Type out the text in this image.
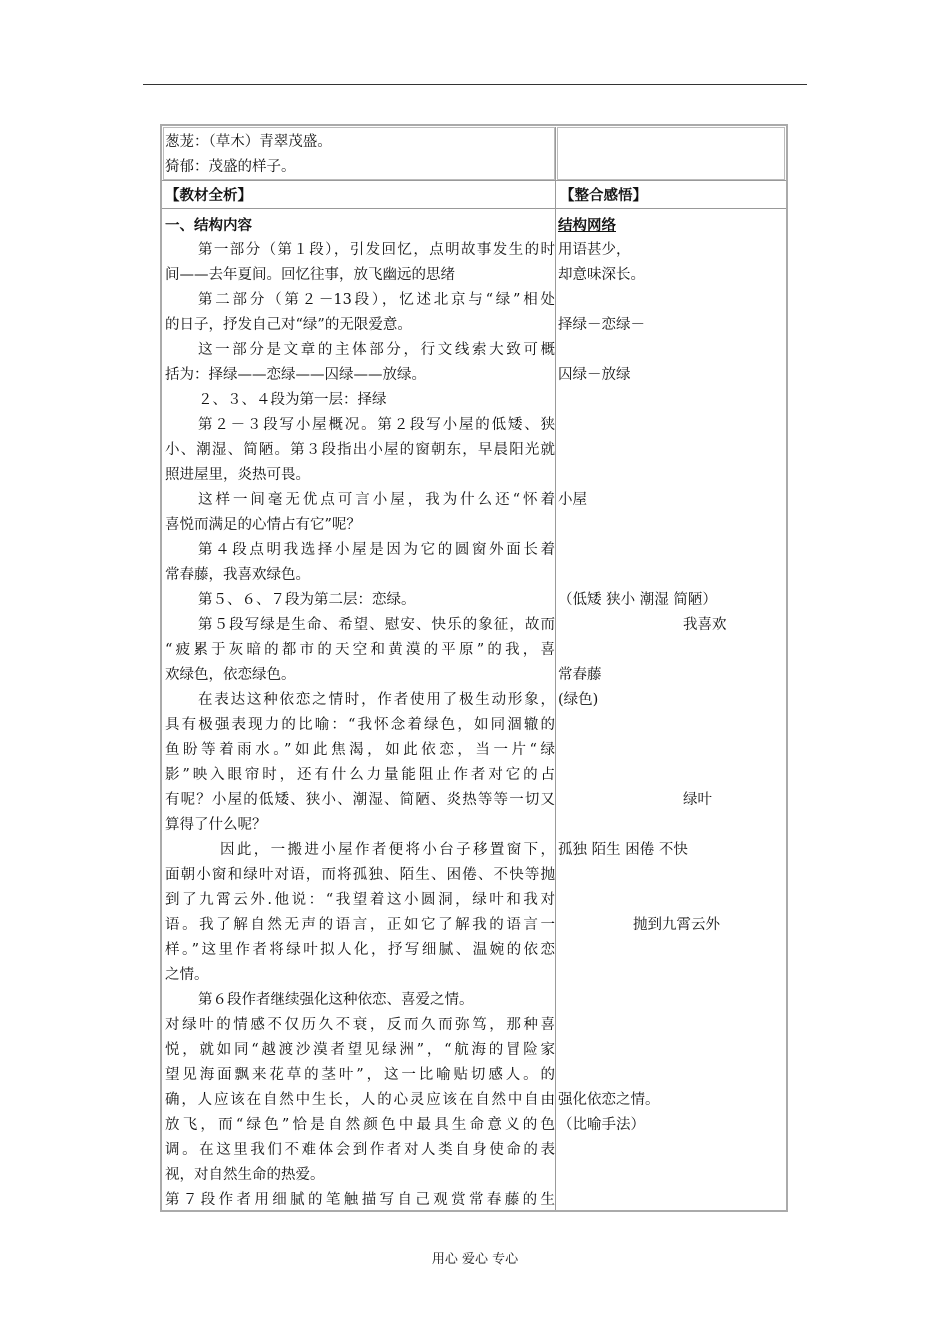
葱茏：（草木）青翠茂盛。
猗郁：茂盛的样子。
【教材全析】	【整合感悟】
一、结构内容
第一部分（第１段），引发回忆，点明故事发生的时
间——去年夏间。回忆往事，放飞幽远的思绪
第二部分（第２－13段），忆述北京与“绿”相处
的日子，抒发自己对“绿”的无限爱意。
这一部分是文章的主体部分，行文线索大致可概
括为：择绿——恋绿——囚绿——放绿。
２、３、４段为第一层：择绿
第２－３段写小屋概况。第２段写小屋的低矮、狭
小、潮湿、简陋。第３段指出小屋的窗朝东，早晨阳光就
照进屋里，炎热可畏。
这样一间毫无优点可言小屋，我为什么还“怀着
喜悦而满足的心情占有它”呢？
第４段点明我选择小屋是因为它的圆窗外面长着
常春藤，我喜欢绿色。
第５、６、７段为第二层：恋绿。
第５段写绿是生命、希望、慰安、快乐的象征，故而
“疲累于灰暗的都市的天空和黄漠的平原”的我，喜
欢绿色，依恋绿色。
在表达这种依恋之情时，作者使用了极生动形象，
具有极强表现力的比喻：“我怀念着绿色，如同涸辙的
鱼盼等着雨水。”如此焦渴，如此依恋，当一片“绿
影”映入眼帘时，还有什么力量能阻止作者对它的占
有呢？小屋的低矮、狭小、潮湿、简陋、炎热等等一切又
算得了什么呢？
因此，一搬进小屋作者便将小台子移置窗下，
面朝小窗和绿叶对语，而将孤独、陌生、困倦、不快等抛
到了九霄云外.他说：“我望着这小圆洞，绿叶和我对
语。我了解自然无声的语言，正如它了解我的语言一
样。”这里作者将绿叶拟人化，抒写细腻、温婉的依恋
之情。
第６段作者继续强化这种依恋、喜爱之情。
对绿叶的情感不仅历久不衰，反而久而弥笃，那种喜
悦，就如同“越渡沙漠者望见绿洲”，“航海的冒险家
望见海面飘来花草的茎叶”，这一比喻贴切感人。的
确，人应该在自然中生长，人的心灵应该在自然中自由
放飞，而“绿色”恰是自然颜色中最具生命意义的色
调。在这里我们不难体会到作者对人类自身使命的表
视，对自然生命的热爱。
第７段作者用细腻的笔触描写自己观赏常春藤的生
结构网络
用语甚少，
却意味深长。
择绿－恋绿－
囚绿－放绿
小屋
（低矮 狭小 潮湿 简陋）
我喜欢
常春藤
(绿色)
绿叶
孤独 陌生 困倦 不快
抛到九霄云外
强化依恋之情。
（比喻手法）
用心 爱心 专心
